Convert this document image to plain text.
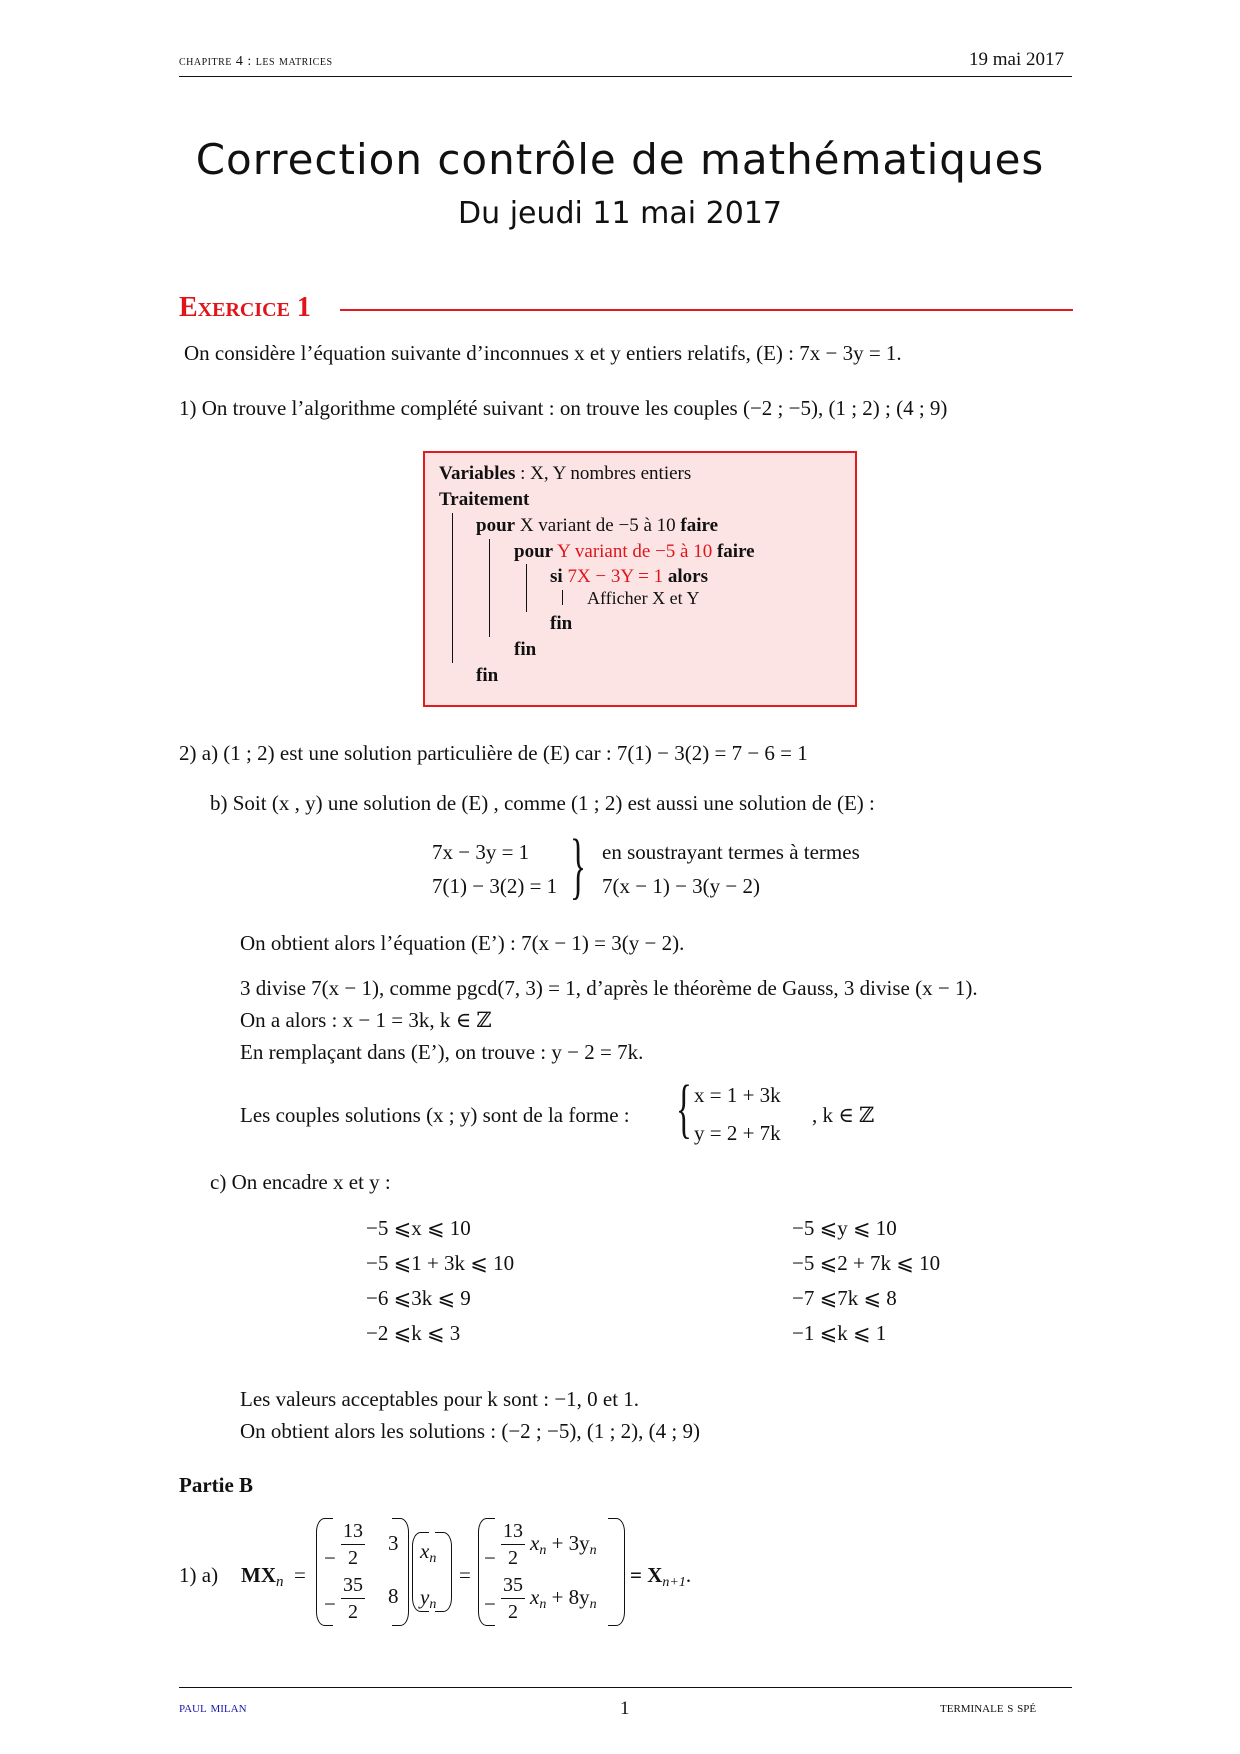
chapitre 4 : les matrices	19 mai 2017
Correction contrôle de mathématiques
Du jeudi 11 mai 2017
Exercice 1
On considère l’équation suivante d’inconnues x et y entiers relatifs, (E) : 7x − 3y = 1.
1) On trouve l’algorithme complété suivant : on trouve les couples (−2 ; −5), (1 ; 2) ; (4 ; 9)
Variables : X, Y nombres entiers
Traitement
pour X variant de −5 à 10 faire
pour Y variant de −5 à 10 faire
si 7X − 3Y = 1 alors
Afficher X et Y
fin
fin
fin
2) a) (1 ; 2) est une solution particulière de (E) car : 7(1) − 3(2) = 7 − 6 = 1
b) Soit (x , y) une solution de (E) , comme (1 ; 2) est aussi une solution de (E) :
7x − 3y = 1
7(1) − 3(2) = 1 } en soustrayant termes à termes
7(x − 1) − 3(y − 2)
On obtient alors l’équation (E’) : 7(x − 1) = 3(y − 2).
3 divise 7(x − 1), comme pgcd(7, 3) = 1, d’après le théorème de Gauss, 3 divise (x − 1).
On a alors : x − 1 = 3k, k ∈ ℤ
En remplaçant dans (E’), on trouve : y − 2 = 7k.
Les couples solutions (x ; y) sont de la forme : { x = 1 + 3k
y = 2 + 7k
, k ∈ ℤ
c) On encadre x et y :
−5 ⩽x ⩽ 10
−5 ⩽1 + 3k ⩽ 10
−6 ⩽3k ⩽ 9
−2 ⩽k ⩽ 3
−5 ⩽y ⩽ 10
−5 ⩽2 + 7k ⩽ 10
−7 ⩽7k ⩽ 8
−1 ⩽k ⩽ 1
Les valeurs acceptables pour k sont : −1, 0 et 1.
On obtient alors les solutions : (−2 ; −5), (1 ; 2), (4 ; 9)
Partie B
1) a) MXn =
−
13
2
3
−
35
2
8
xn
yn
=
−
13
2
xn + 3yn
−
35
2
xn + 8yn
= Xn+1.
paul milan	1	terminale s spé
